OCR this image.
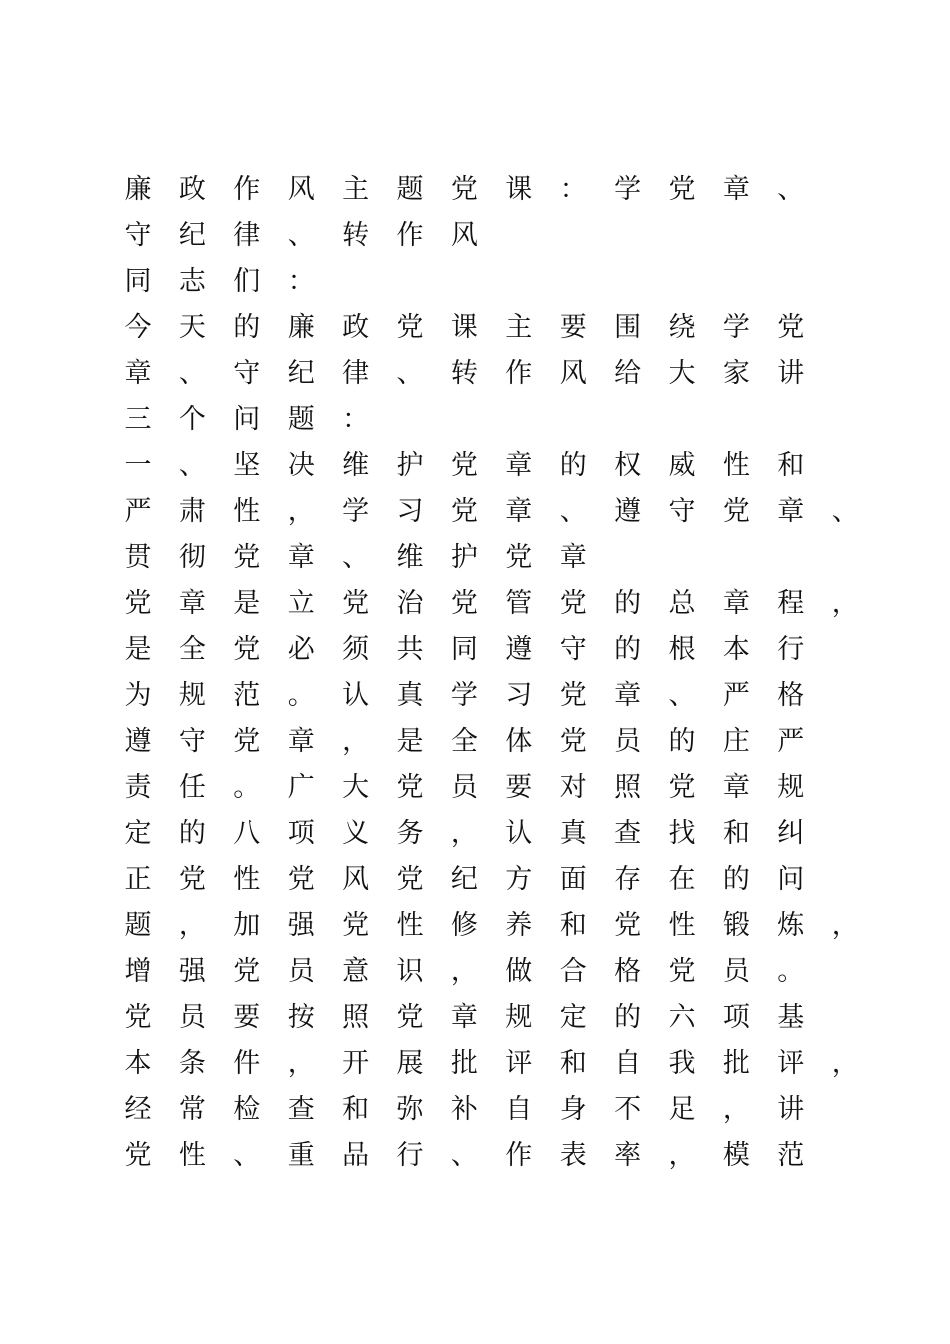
廉 政 作 风 主 题 党 课 ： 学 党 章 、
守 纪 律 、 转 作 风
同 志 们 ：
今 天 的 廉 政 党 课 主 要 围 绕 学 党
章 、 守 纪 律 、 转 作 风 给 大 家 讲
三 个 问 题 ：
一 、 坚 决 维 护 党 章 的 权 威 性 和
严 肃 性 ， 学 习 党 章 、 遵 守 党 章 、
贯 彻 党 章 、 维 护 党 章
党 章 是 立 党 治 党 管 党 的 总 章 程 ，
是 全 党 必 须 共 同 遵 守 的 根 本 行
为 规 范 。 认 真 学 习 党 章 、 严 格
遵 守 党 章 ， 是 全 体 党 员 的 庄 严
责 任 。 广 大 党 员 要 对 照 党 章 规
定 的 八 项 义 务 ， 认 真 查 找 和 纠
正 党 性 党 风 党 纪 方 面 存 在 的 问
题 ， 加 强 党 性 修 养 和 党 性 锻 炼 ，
增 强 党 员 意 识 ， 做 合 格 党 员 。
党 员 要 按 照 党 章 规 定 的 六 项 基
本 条 件 ， 开 展 批 评 和 自 我 批 评 ，
经 常 检 查 和 弥 补 自 身 不 足 ， 讲
党 性 、 重 品 行 、 作 表 率 ， 模 范
